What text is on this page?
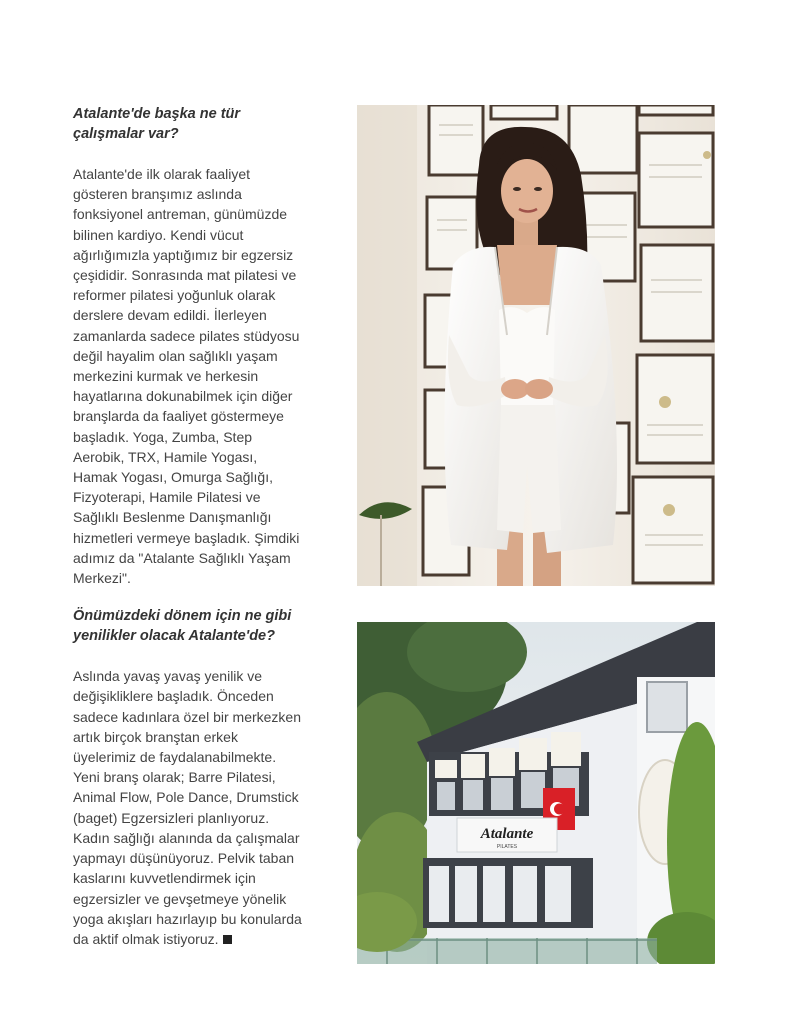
Atalante'de başka ne tür
çalışmalar var?

Atalante'de ilk olarak faaliyet
gösteren branşımız aslında
fonksiyonel antreman, günümüzde
bilinen kardiyo. Kendi vücut
ağırlığımızla yaptığımız bir egzersiz
çeşididir. Sonrasında mat pilatesi ve
reformer pilatesi yoğunluk olarak
derslere devam edildi. İlerleyen
zamanlarda sadece pilates stüdyosu
değil hayalim olan sağlıklı yaşam
merkezini kurmak ve herkesin
hayatlarına dokunabilmek için diğer
branşlarda da faaliyet göstermeye
başladık. Yoga, Zumba, Step
Aerobik, TRX, Hamile Yogası,
Hamak Yogası, Omurga Sağlığı,
Fizyoterapi, Hamile Pilatesi ve
Sağlıklı Beslenme Danışmanlığı
hizmetleri vermeye başladık. Şimdiki
adımız da "Atalante Sağlıklı Yaşam
Merkezi".

Önümüzdeki dönem için ne gibi
yenilikler olacak Atalante'de?

Aslında yavaş yavaş yenilik ve
değişikliklere başladık. Önceden
sadece kadınlara özel bir merkezken
artık birçok branştan erkek
üyelerimiz de faydalanabilmekte.
Yeni branş olarak; Barre Pilatesi,
Animal Flow, Pole Dance, Drumstick
(baget) Egzersizleri planlıyoruz.
Kadın sağlığı alanında da çalışmalar
yapmayı düşünüyoruz. Pelvik taban
kaslarını kuvvetlendirmek için
egzersizler ve gevşetmeye yönelik
yoga akışları hazırlayıp bu konularda
da aktif olmak istiyoruz.

Atalante
PILATES
